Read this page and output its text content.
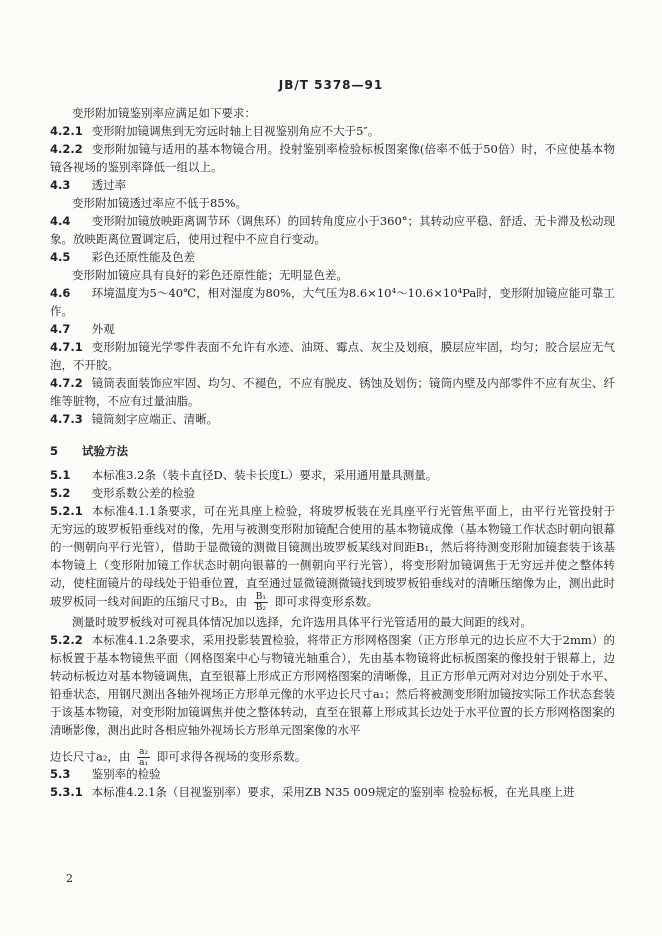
JB/T 5378—91
变形附加镜鉴别率应满足如下要求：
4.2.1 变形附加镜调焦到无穷远时轴上目视鉴别角应不大于5″。
4.2.2 变形附加镜与适用的基本物镜合用。投射鉴别率检验标板图案像(倍率不低于50倍）时，不应使基本物镜各视场的鉴别率降低一组以上。
4.3 透过率
变形附加镜透过率应不低于85%。
4.4 变形附加镜放映距离调节环（调焦环）的回转角度应小于360°；其转动应平稳、舒适、无卡滞及松动现象。放映距离位置调定后，使用过程中不应自行变动。
4.5 彩色还原性能及色差
变形附加镜应具有良好的彩色还原性能；无明显色差。
4.6 环境温度为5～40℃，相对湿度为80%，大气压为8.6×10⁴～10.6×10⁴Pa时，变形附加镜应能可靠工作。
4.7 外观
4.7.1 变形附加镜光学零件表面不允许有水迹、油斑、霉点、灰尘及划痕，膜层应牢固，均匀；胶合层应无气泡，不开胶。
4.7.2 镜筒表面装饰应牢固、均匀、不褪色，不应有脱皮、锈蚀及划伤；镜筒内壁及内部零件不应有灰尘、纤维等脏物，不应有过量油脂。
4.7.3 镜筒刻字应端正、清晰。
5 试验方法
5.1 本标准3.2条（装卡直径D、装卡长度L）要求，采用通用量具测量。
5.2 变形系数公差的检验
5.2.1 本标准4.1.1条要求，可在光具座上检验，将玻罗板装在光具座平行光管焦平面上，由平行光管投射于无穷远的玻罗板铅垂线对的像，先用与被测变形附加镜配合使用的基本物镜成像（基本物镜工作状态时朝向银幕的一侧朝向平行光管），借助于显微镜的测微目镜测出玻罗板某线对间距B₁，然后将待测变形附加镜套装于该基本物镜上（变形附加镜工作状态时朝向银幕的一侧朝向平行光管），将变形附加镜调焦于无穷远并使之整体转动，使柱面镜片的母线处于铅垂位置，直至通过显微镜测微镜找到玻罗板铅垂线对的清晰压缩像为止，测出此时玻罗板同一线对间距的压缩尺寸B₂，由 $\frac{\text{B₁}}{\text{B₂}}$ 即可求得变形系数。
测量时玻罗板线对可视具体情况加以选择，允许选用具体平行光管适用的最大间距的线对。
5.2.2 本标准4.1.2条要求，采用投影装置检验，将带正方形网格图案（正方形单元的边长应不大于2mm）的标板置于基本物镜焦平面（网格图案中心与物镜光轴重合），先由基本物镜将此标板图案的像投射于银幕上，边转动标板边对基本物镜调焦，直至银幕上形成正方形网格图案的清晰像，且正方形单元两对对边分别处于水平、铅垂状态，用钢尺测出各轴外视场正方形单元像的水平边长尺寸a₁；然后将被测变形附加镜按实际工作状态套装于该基本物镜，对变形附加镜调焦并使之整体转动，直至在银幕上形成其长边处于水平位置的长方形网格图案的清晰影像，测出此时各相应轴外视场长方形单元图案像的水平
边长尺寸a₂，由 $\frac{\text{a₂}}{\text{a₁}}$ 即可求得各视场的变形系数。
5.3 鉴别率的检验
5.3.1 本标准4.2.1条（目视鉴别率）要求，采用ZB N35 009规定的鉴别率 检验标板，在光具座上进
2
